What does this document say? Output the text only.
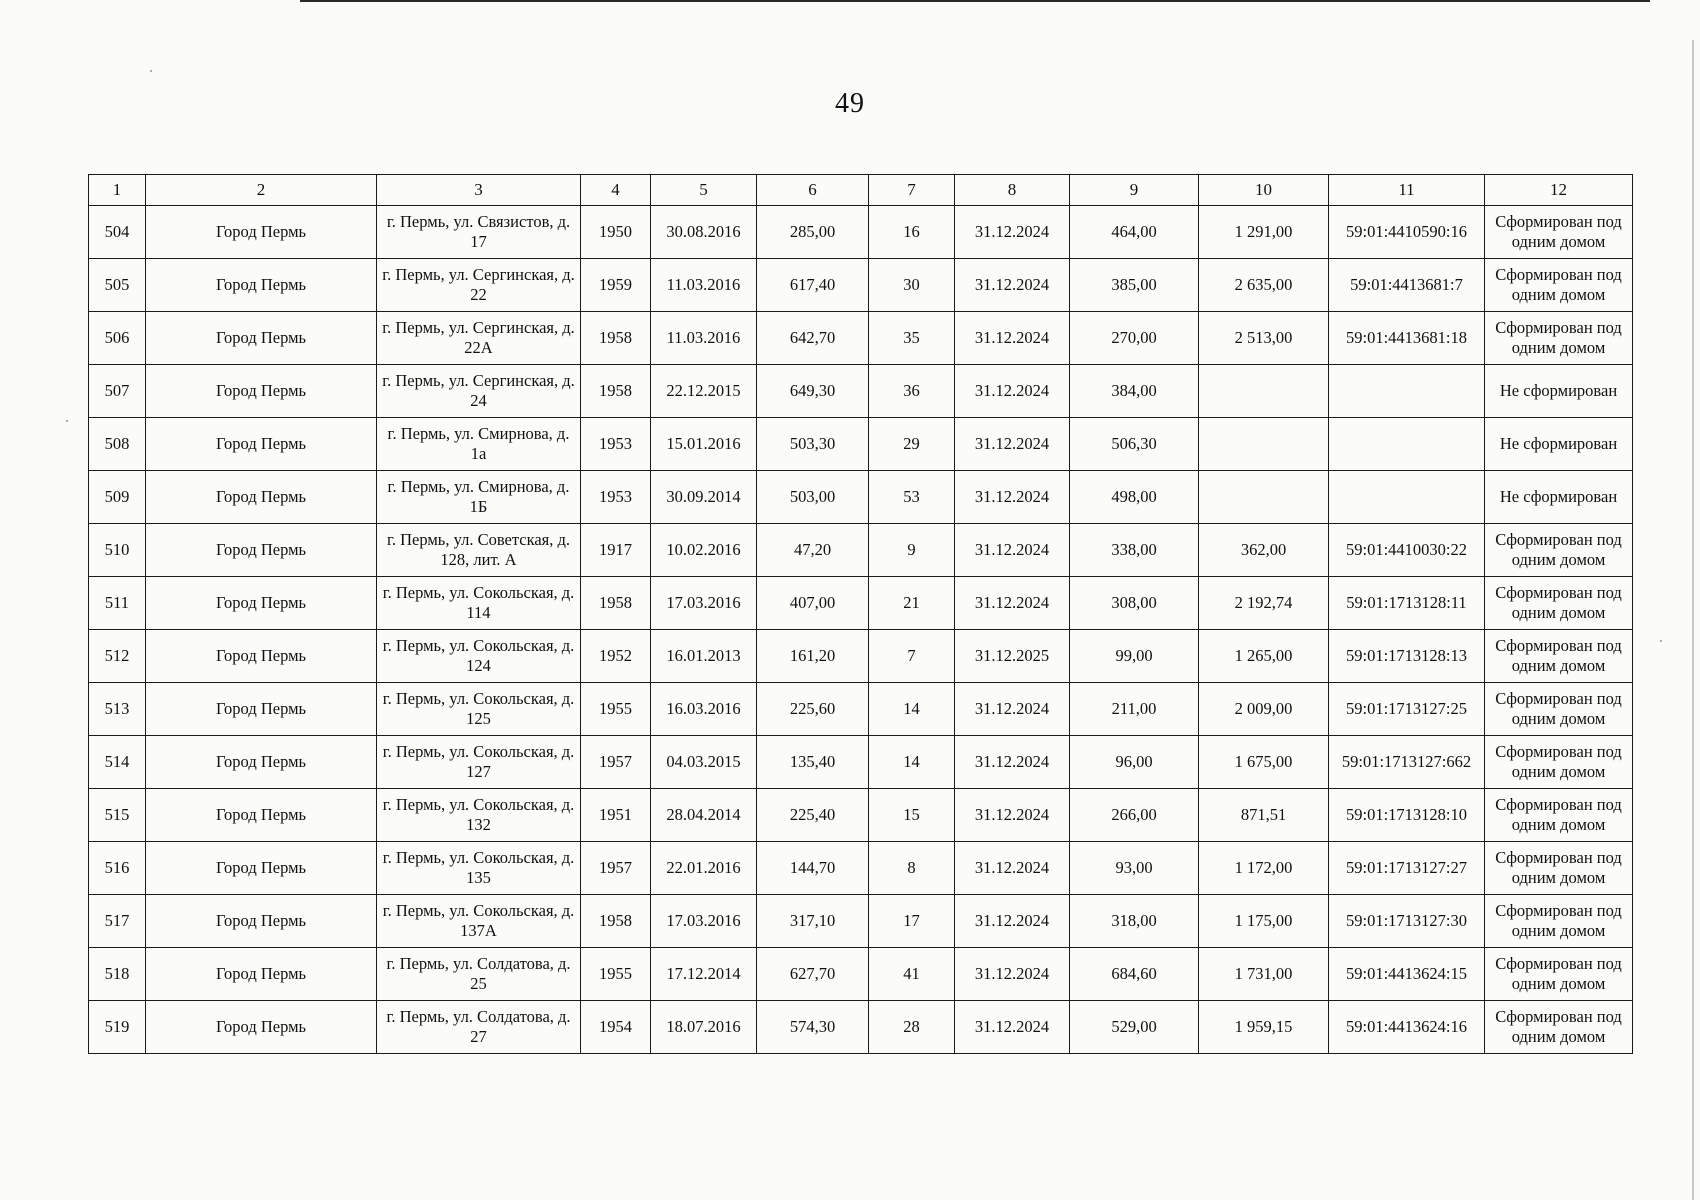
49
1	2	3	4	5	6	7	8	9	10	11	12
504	Город Пермь	г. Пермь, ул. Связистов, д. 17	1950	30.08.2016	285,00	16	31.12.2024	464,00	1 291,00	59:01:4410590:16	Сформирован под одним домом
505	Город Пермь	г. Пермь, ул. Сергинская, д. 22	1959	11.03.2016	617,40	30	31.12.2024	385,00	2 635,00	59:01:4413681:7	Сформирован под одним домом
506	Город Пермь	г. Пермь, ул. Сергинская, д. 22А	1958	11.03.2016	642,70	35	31.12.2024	270,00	2 513,00	59:01:4413681:18	Сформирован под одним домом
507	Город Пермь	г. Пермь, ул. Сергинская, д. 24	1958	22.12.2015	649,30	36	31.12.2024	384,00			Не сформирован
508	Город Пермь	г. Пермь, ул. Смирнова, д. 1а	1953	15.01.2016	503,30	29	31.12.2024	506,30			Не сформирован
509	Город Пермь	г. Пермь, ул. Смирнова, д. 1Б	1953	30.09.2014	503,00	53	31.12.2024	498,00			Не сформирован
510	Город Пермь	г. Пермь, ул. Советская, д. 128, лит. А	1917	10.02.2016	47,20	9	31.12.2024	338,00	362,00	59:01:4410030:22	Сформирован под одним домом
511	Город Пермь	г. Пермь, ул. Сокольская, д. 114	1958	17.03.2016	407,00	21	31.12.2024	308,00	2 192,74	59:01:1713128:11	Сформирован под одним домом
512	Город Пермь	г. Пермь, ул. Сокольская, д. 124	1952	16.01.2013	161,20	7	31.12.2025	99,00	1 265,00	59:01:1713128:13	Сформирован под одним домом
513	Город Пермь	г. Пермь, ул. Сокольская, д. 125	1955	16.03.2016	225,60	14	31.12.2024	211,00	2 009,00	59:01:1713127:25	Сформирован под одним домом
514	Город Пермь	г. Пермь, ул. Сокольская, д. 127	1957	04.03.2015	135,40	14	31.12.2024	96,00	1 675,00	59:01:1713127:662	Сформирован под одним домом
515	Город Пермь	г. Пермь, ул. Сокольская, д. 132	1951	28.04.2014	225,40	15	31.12.2024	266,00	871,51	59:01:1713128:10	Сформирован под одним домом
516	Город Пермь	г. Пермь, ул. Сокольская, д. 135	1957	22.01.2016	144,70	8	31.12.2024	93,00	1 172,00	59:01:1713127:27	Сформирован под одним домом
517	Город Пермь	г. Пермь, ул. Сокольская, д. 137А	1958	17.03.2016	317,10	17	31.12.2024	318,00	1 175,00	59:01:1713127:30	Сформирован под одним домом
518	Город Пермь	г. Пермь, ул. Солдатова, д. 25	1955	17.12.2014	627,70	41	31.12.2024	684,60	1 731,00	59:01:4413624:15	Сформирован под одним домом
519	Город Пермь	г. Пермь, ул. Солдатова, д. 27	1954	18.07.2016	574,30	28	31.12.2024	529,00	1 959,15	59:01:4413624:16	Сформирован под одним домом
